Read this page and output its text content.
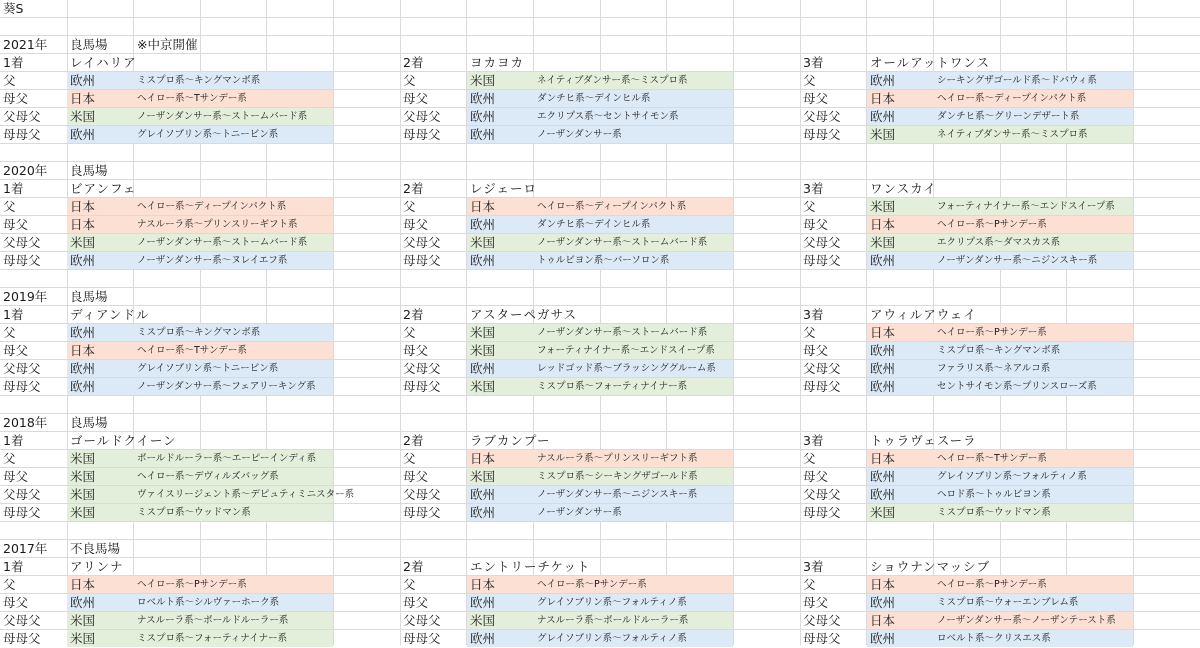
葵S
2021年 良馬場 ※中京開催
1着	レイハリア
父	欧州	ミスプロ系～キングマンボ系
母父	日本	ヘイロー系～Tサンデー系
父母父 米国	ノーザンダンサー系～ストームバード系
母母父 欧州	グレイソブリン系～トニービン系
2着	ヨカヨカ
父	米国	ネイティブダンサー系～ミスプロ系
母父	欧州	ダンチヒ系～デインヒル系
父母父 欧州	エクリプス系～セントサイモン系
母母父 欧州	ノーザンダンサー系
3着	オールアットワンス
父	欧州	シーキングザゴールド系～ドバウィ系
母父	日本	ヘイロー系～ディープインパクト系
父母父 欧州	ダンチヒ系～グリーンデザート系
母母父 米国	ネイティブダンサー系～ミスプロ系
2020年 良馬場
1着	ビアンフェ
父	日本	ヘイロー系～ディープインパクト系
母父	日本	ナスルーラ系～プリンスリーギフト系
父母父 米国	ノーザンダンサー系～ストームバード系
母母父 欧州	ノーザンダンサー系～ヌレイエフ系
2着	レジェーロ
父	日本	ヘイロー系～ディープインパクト系
母父	欧州	ダンチヒ系～デインヒル系
父母父 米国	ノーザンダンサー系～ストームバード系
母母父 欧州	トゥルビヨン系～バーソロン系
3着	ワンスカイ
父	米国	フォーティナイナー系～エンドスイープ系
母父	日本	ヘイロー系～Pサンデー系
父母父 米国	エクリプス系～ダマスカス系
母母父 欧州	ノーザンダンサー系～ニジンスキー系
2019年 良馬場
1着	ディアンドル
父	欧州	ミスプロ系～キングマンボ系
母父	日本	ヘイロー系～Tサンデー系
父母父 欧州	グレイソブリン系～トニービン系
母母父 欧州	ノーザンダンサー系～フェアリーキング系
2着	アスターペガサス
父	米国	ノーザンダンサー系～ストームバード系
母父	米国	フォーティナイナー系～エンドスイープ系
父母父 欧州	レッドゴッド系～ブラッシンググルーム系
母母父 米国	ミスプロ系～フォーティナイナー系
3着	アウィルアウェイ
父	日本	ヘイロー系～Pサンデー系
母父	欧州	ミスプロ系～キングマンボ系
父母父 欧州	ファラリス系～ネアルコ系
母母父 欧州	セントサイモン系～プリンスローズ系
2018年 良馬場
1着	ゴールドクイーン
父	米国	ボールドルーラー系～エーピーインディ系
母父	米国	ヘイロー系～デヴィルズバッグ系
父母父 米国	ヴァイスリージェント系～デピュティミニスター系
母母父 米国	ミスプロ系～ウッドマン系
2着	ラブカンプー
父	日本	ナスルーラ系～プリンスリーギフト系
母父	米国	ミスプロ系～シーキングザゴールド系
父母父 欧州	ノーザンダンサー系～ニジンスキー系
母母父 欧州	ノーザンダンサー系
3着	トゥラヴェスーラ
父	日本	ヘイロー系～Tサンデー系
母父	欧州	グレイソブリン系～フォルティノ系
父母父 欧州	ヘロド系～トゥルビヨン系
母母父 米国	ミスプロ系～ウッドマン系
2017年 不良馬場
1着	アリンナ
父	日本	ヘイロー系～Pサンデー系
母父	欧州	ロベルト系～シルヴァーホーク系
父母父 米国	ナスルーラ系～ボールドルーラー系
母母父 米国	ミスプロ系～フォーティナイナー系
2着	エントリーチケット
父	日本	ヘイロー系～Pサンデー系
母父	欧州	グレイソブリン系～フォルティノ系
父母父 米国	ナスルーラ系～ボールドルーラー系
母母父 欧州	グレイソブリン系～フォルティノ系
3着	ショウナンマッシブ
父	日本	ヘイロー系～Pサンデー系
母父	欧州	ミスプロ系～ウォーエンブレム系
父母父 日本	ノーザンダンサー系～ノーザンテースト系
母母父 欧州	ロベルト系～クリスエス系
